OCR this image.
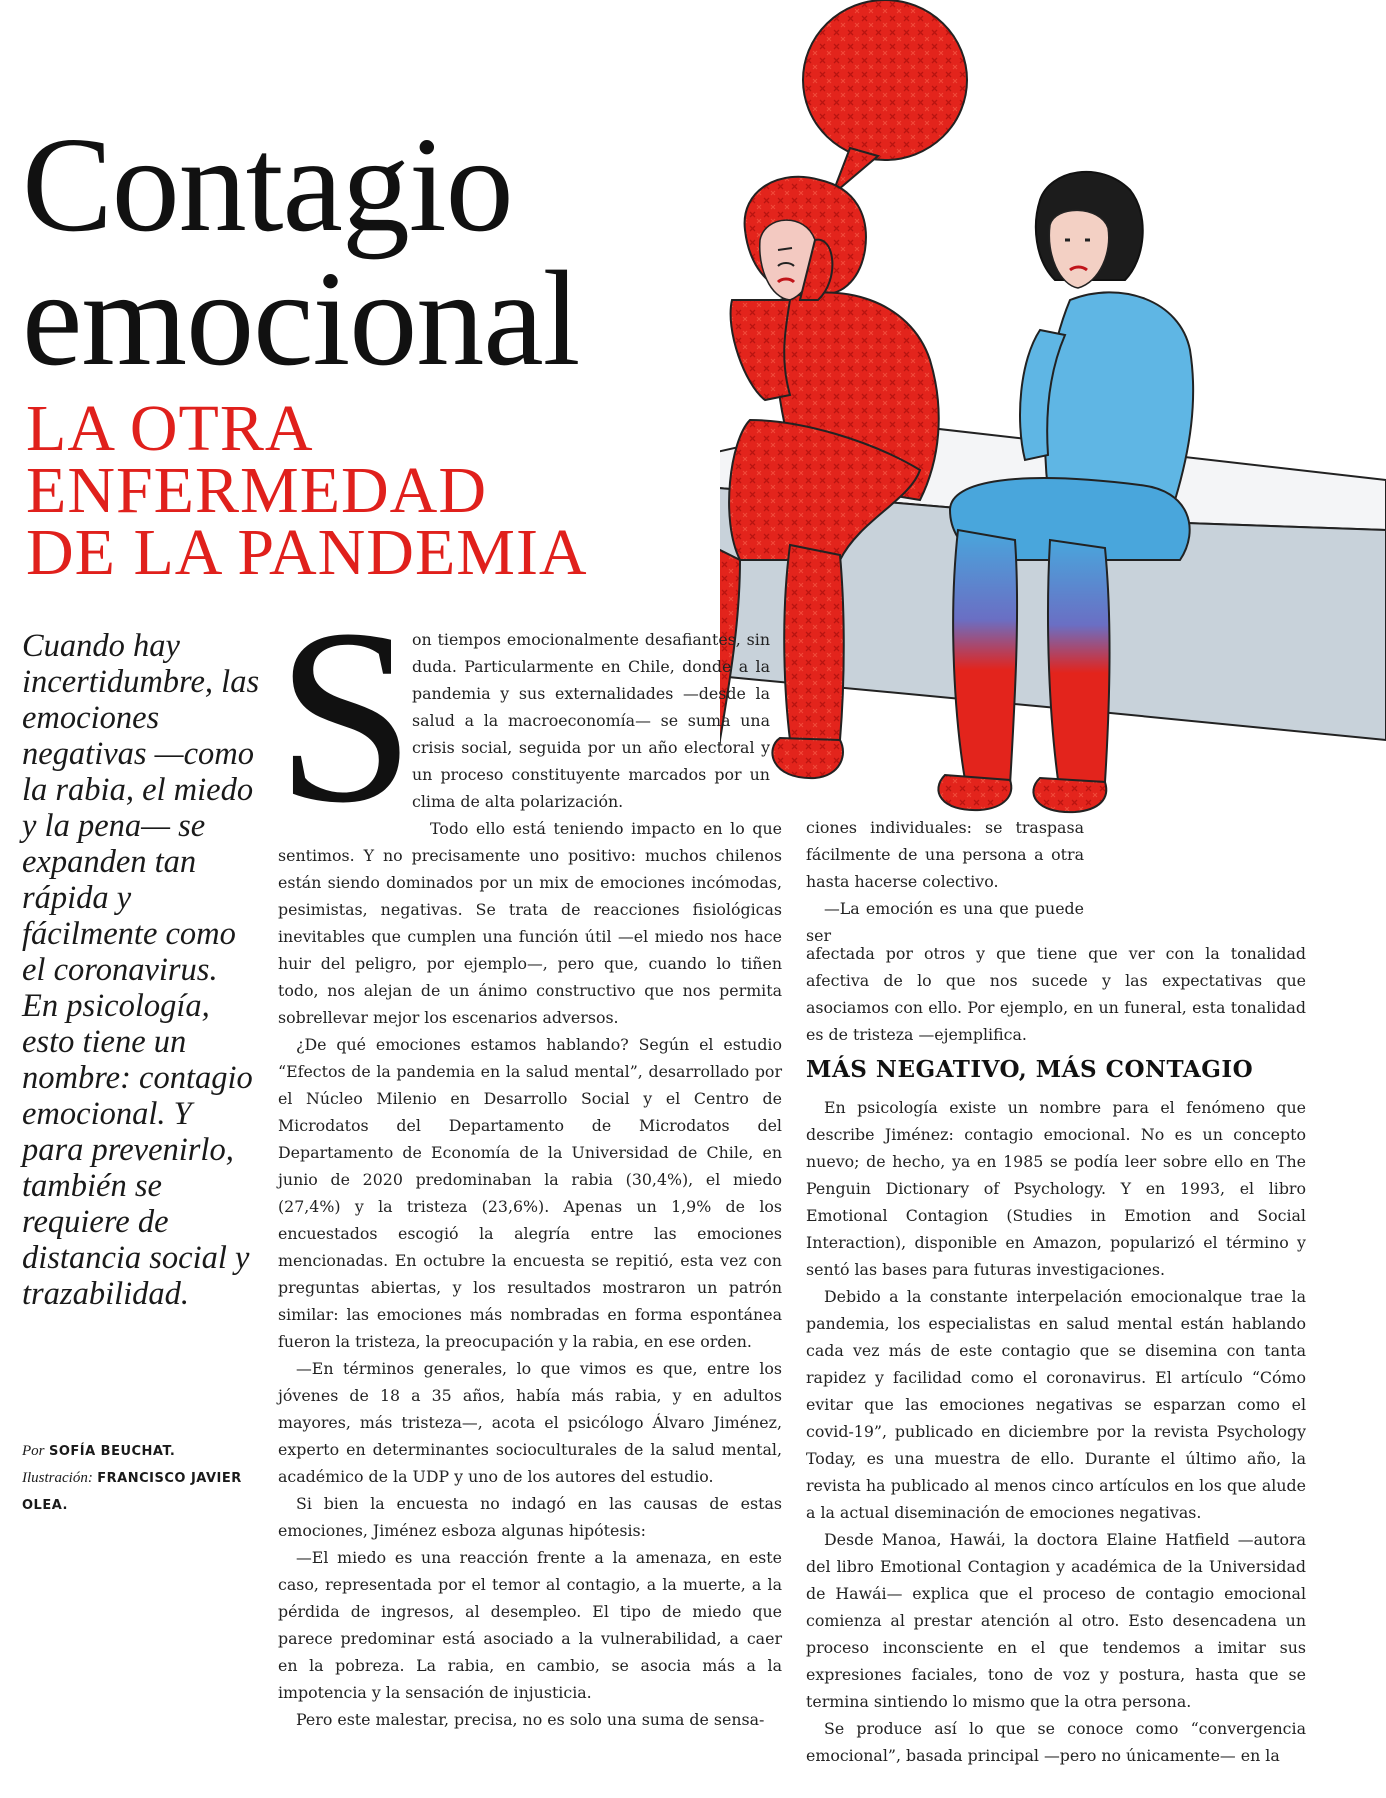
Contagio
emocional
LA OTRA
ENFERMEDAD
DE LA PANDEMIA

Cuando hay incertidumbre, las emociones negativas —como la rabia, el miedo y la pena— se expanden tan rápida y fácilmente como el coronavirus. En psicología, esto tiene un nombre: contagio emocional. Y para prevenirlo, también se requiere de distancia social y trazabilidad.

Por SOFÍA BEUCHAT.
Ilustración: FRANCISCO JAVIER OLEA.
S

on tiempos emocionalmente desafiantes, sin duda. Particularmente en Chile, donde a la pandemia y sus externalidades —desde la salud a la macroeconomía— se suma una crisis social, seguida por un año electoral y un proceso constituyente marcados por un clima de alta polarización.

Todo ello está teniendo impacto en lo que sentimos. Y no precisamente uno positivo: muchos chilenos están siendo dominados por un mix de emociones incómodas, pesimistas, negativas. Se trata de reacciones fisiológicas inevitables que cumplen una función útil —el miedo nos hace huir del peligro, por ejemplo—, pero que, cuando lo tiñen todo, nos alejan de un ánimo constructivo que nos permita sobrellevar mejor los escenarios adversos.

¿De qué emociones estamos hablando? Según el estudio “Efectos de la pandemia en la salud mental”, desarrollado por el Núcleo Milenio en Desarrollo Social y el Centro de Microdatos del Departamento de Microdatos del Departamento de Economía de la Universidad de Chile, en junio de 2020 predominaban la rabia (30,4%), el miedo (27,4%) y la tristeza (23,6%). Apenas un 1,9% de los encuestados escogió la alegría entre las emociones mencionadas. En octubre la encuesta se repitió, esta vez con preguntas abiertas, y los resultados mostraron un patrón similar: las emociones más nombradas en forma espontánea fueron la tristeza, la preocupación y la rabia, en ese orden.

—En términos generales, lo que vimos es que, entre los jóvenes de 18 a 35 años, había más rabia, y en adultos mayores, más tristeza—, acota el psicólogo Álvaro Jiménez, experto en determinantes socioculturales de la salud mental, académico de la UDP y uno de los autores del estudio.

Si bien la encuesta no indagó en las causas de estas emociones, Jiménez esboza algunas hipótesis:

—El miedo es una reacción frente a la amenaza, en este caso, representada por el temor al contagio, a la muerte, a la pérdida de ingresos, al desempleo. El tipo de miedo que parece predominar está asociado a la vulnerabilidad, a caer en la pobreza. La rabia, en cambio, se asocia más a la impotencia y la sensación de injusticia.

Pero este malestar, precisa, no es solo una suma de sensa-

ciones individuales: se traspasa fácilmente de una persona a otra hasta hacerse colectivo.

—La emoción es una que puede ser

afectada por otros y que tiene que ver con la tonalidad afectiva de lo que nos sucede y las expectativas que asociamos con ello. Por ejemplo, en un funeral, esta tonalidad es de tristeza —ejemplifica.

MÁS NEGATIVO, MÁS CONTAGIO

En psicología existe un nombre para el fenómeno que describe Jiménez: contagio emocional. No es un concepto nuevo; de hecho, ya en 1985 se podía leer sobre ello en The Penguin Dictionary of Psychology. Y en 1993, el libro Emotional Contagion (Studies in Emotion and Social Interaction), disponible en Amazon, popularizó el término y sentó las bases para futuras investigaciones.

Debido a la constante interpelación emocionalque trae la pandemia, los especialistas en salud mental están hablando cada vez más de este contagio que se disemina con tanta rapidez y facilidad como el coronavirus. El artículo “Cómo evitar que las emociones negativas se esparzan como el covid-19”, publicado en diciembre por la revista Psychology Today, es una muestra de ello. Durante el último año, la revista ha publicado al menos cinco artículos en los que alude a la actual diseminación de emociones negativas.

Desde Manoa, Hawái, la doctora Elaine Hatfield —autora del libro Emotional Contagion y académica de la Universidad de Hawái— explica que el proceso de contagio emocional comienza al prestar atención al otro. Esto desencadena un proceso inconsciente en el que tendemos a imitar sus expresiones faciales, tono de voz y postura, hasta que se termina sintiendo lo mismo que la otra persona.

Se produce así lo que se conoce como “convergencia emocional”, basada principal —pero no únicamente— en la
